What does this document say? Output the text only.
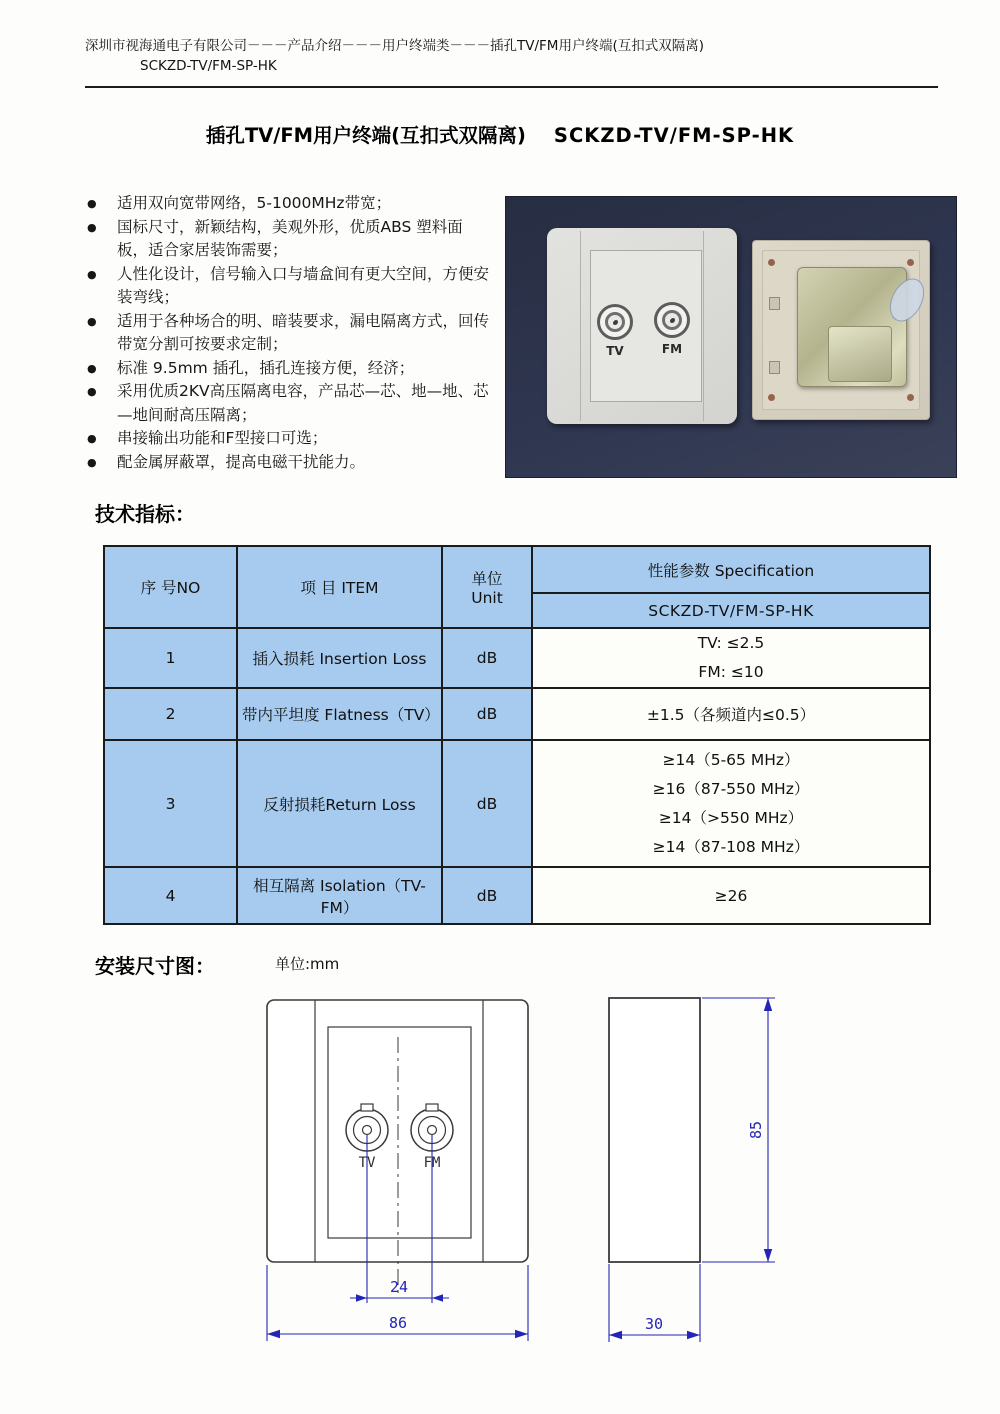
深圳市视海通电子有限公司－－－产品介绍－－－用户终端类－－－插孔TV/FM用户终端(互扣式双隔离)
SCKZD-TV/FM-SP-HK
插孔TV/FM用户终端(互扣式双隔离) SCKZD-TV/FM-SP-HK
●	适用双向宽带网络，5-1000MHz带宽；
●	国标尺寸，新颖结构，美观外形，优质ABS 塑料面板，适合家居装饰需要；
●	人性化设计，信号输入口与墙盒间有更大空间，方便安装弯线；
●	适用于各种场合的明、暗装要求，漏电隔离方式，回传带宽分割可按要求定制；
●	标准 9.5mm 插孔，插孔连接方便，经济；
●	采用优质2KV高压隔离电容，产品芯—芯、地—地、芯—地间耐高压隔离；
●	串接输出功能和F型接口可选；
●	配金属屏蔽罩，提高电磁干扰能力。
TV	FM
技术指标：
序 号NO	项 目 ITEM	单位
Unit	性能参数 Specification
			SCKZD-TV/FM-SP-HK
1	插入损耗 Insertion Loss	dB	TV: ≤2.5
FM: ≤10

2	带内平坦度 Flatness（TV）	dB	±1.5（各频道内≤0.5）
3	反射损耗Return Loss	dB	≥14（5-65 MHz）
≥16（87-550 MHz）
≥14（>550 MHz）
≥14（87-108 MHz）

4	相互隔离 Isolation（TV-FM）	dB	≥26
安装尺寸图：	单位:mm
TV	FM
24
86
85
30
